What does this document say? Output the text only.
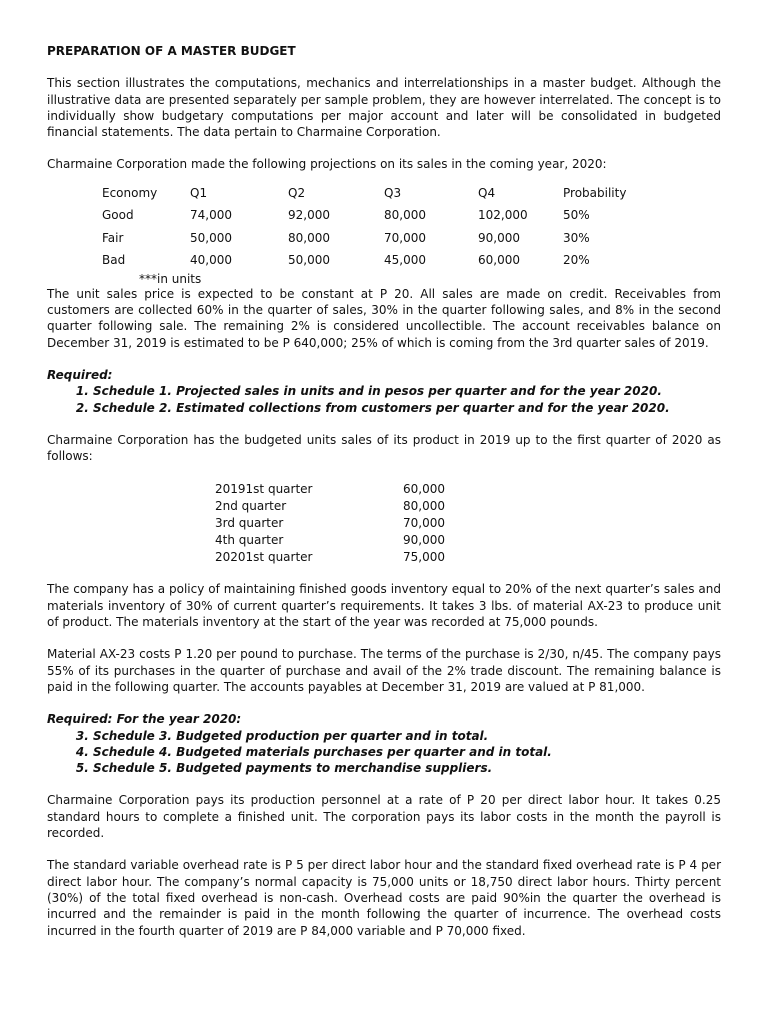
PREPARATION OF A MASTER BUDGET

This section illustrates the computations, mechanics and interrelationships in a master budget. Although the illustrative data are presented separately per sample problem, they are however interrelated. The concept is to individually show budgetary computations per major account and later will be consolidated in budgeted financial statements. The data pertain to Charmaine Corporation.

Charmaine Corporation made the following projections on its sales in the coming year, 2020:

Economy	Q1	Q2	Q3	Q4	Probability
Good	74,000	92,000	80,000	102,000	50%
Fair	50,000	80,000	70,000	90,000	30%
Bad	40,000	50,000	45,000	60,000	20%
***in units

The unit sales price is expected to be constant at P 20. All sales are made on credit. Receivables from customers are collected 60% in the quarter of sales, 30% in the quarter following sales, and 8% in the second quarter following sale. The remaining 2% is considered uncollectible. The account receivables balance on December 31, 2019 is estimated to be P 640,000; 25% of which is coming from the 3rd quarter sales of 2019.

Required:
1. Schedule 1. Projected sales in units and in pesos per quarter and for the year 2020.
2. Schedule 2. Estimated collections from customers per quarter and for the year 2020.

Charmaine Corporation has the budgeted units sales of its product in 2019 up to the first quarter of 2020 as follows:

20191st quarter	60,000
2nd quarter	80,000
3rd quarter	70,000
4th quarter	90,000
20201st quarter	75,000

The company has a policy of maintaining finished goods inventory equal to 20% of the next quarter’s sales and materials inventory of 30% of current quarter’s requirements. It takes 3 lbs. of material AX-23 to produce unit of product. The materials inventory at the start of the year was recorded at 75,000 pounds.

Material AX-23 costs P 1.20 per pound to purchase. The terms of the purchase is 2/30, n/45. The company pays 55% of its purchases in the quarter of purchase and avail of the 2% trade discount. The remaining balance is paid in the following quarter. The accounts payables at December 31, 2019 are valued at P 81,000.

Required: For the year 2020:
3. Schedule 3. Budgeted production per quarter and in total.
4. Schedule 4. Budgeted materials purchases per quarter and in total.
5. Schedule 5. Budgeted payments to merchandise suppliers.

Charmaine Corporation pays its production personnel at a rate of P 20 per direct labor hour. It takes 0.25 standard hours to complete a finished unit. The corporation pays its labor costs in the month the payroll is recorded.

The standard variable overhead rate is P 5 per direct labor hour and the standard fixed overhead rate is P 4 per direct labor hour. The company’s normal capacity is 75,000 units or 18,750 direct labor hours. Thirty percent (30%) of the total fixed overhead is non-cash. Overhead costs are paid 90%in the quarter the overhead is incurred and the remainder is paid in the month following the quarter of incurrence. The overhead costs incurred in the fourth quarter of 2019 are P 84,000 variable and P 70,000 fixed.
